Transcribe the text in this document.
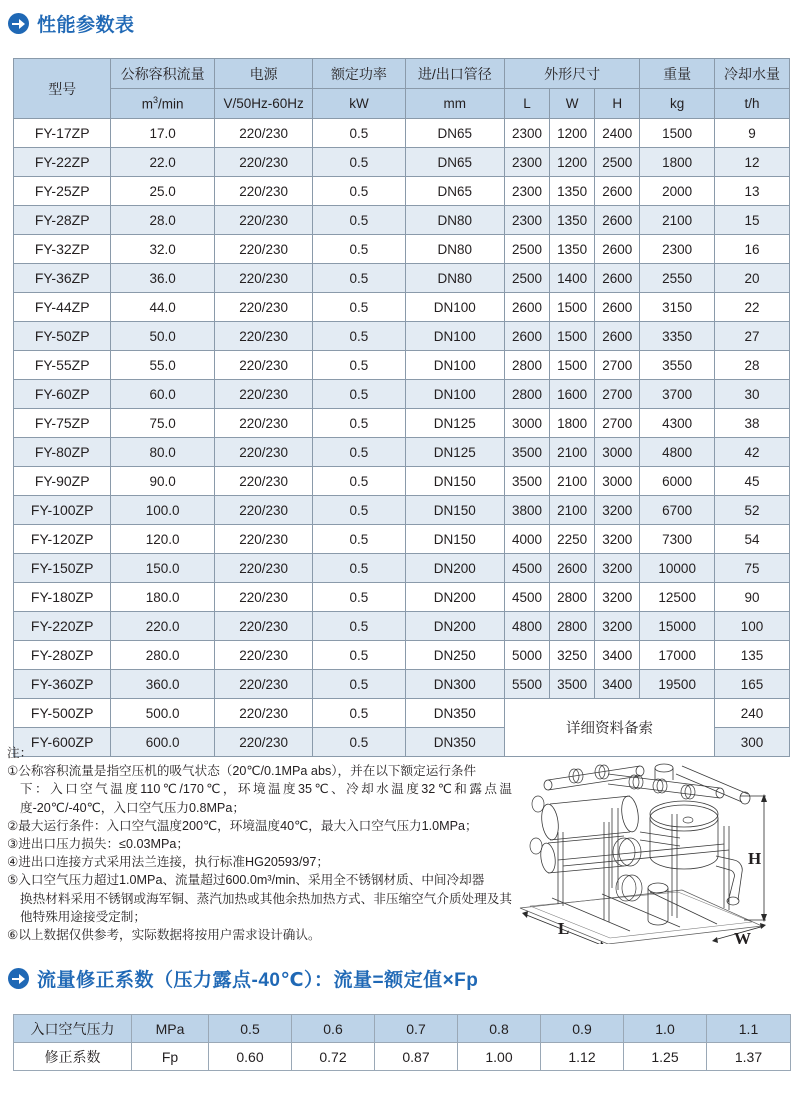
性能参数表
型号	公称容积流量	电源	额定功率	进/出口管径	外形尺寸			重量	冷却水量
	$m^3/\min$	V/50Hz-60Hz	kW	mm	L	W	H	kg	t/h
FY-17ZP	17.0	220/230	0.5	DN65	2300	1200	2400	1500	9
FY-22ZP	22.0	220/230	0.5	DN65	2300	1200	2500	1800	12
FY-25ZP	25.0	220/230	0.5	DN65	2300	1350	2600	2000	13
FY-28ZP	28.0	220/230	0.5	DN80	2300	1350	2600	2100	15
FY-32ZP	32.0	220/230	0.5	DN80	2500	1350	2600	2300	16
FY-36ZP	36.0	220/230	0.5	DN80	2500	1400	2600	2550	20
FY-44ZP	44.0	220/230	0.5	DN100	2600	1500	2600	3150	22
FY-50ZP	50.0	220/230	0.5	DN100	2600	1500	2600	3350	27
FY-55ZP	55.0	220/230	0.5	DN100	2800	1500	2700	3550	28
FY-60ZP	60.0	220/230	0.5	DN100	2800	1600	2700	3700	30
FY-75ZP	75.0	220/230	0.5	DN125	3000	1800	2700	4300	38
FY-80ZP	80.0	220/230	0.5	DN125	3500	2100	3000	4800	42
FY-90ZP	90.0	220/230	0.5	DN150	3500	2100	3000	6000	45
FY-100ZP	100.0	220/230	0.5	DN150	3800	2100	3200	6700	52
FY-120ZP	120.0	220/230	0.5	DN150	4000	2250	3200	7300	54
FY-150ZP	150.0	220/230	0.5	DN200	4500	2600	3200	10000	75
FY-180ZP	180.0	220/230	0.5	DN200	4500	2800	3200	12500	90
FY-220ZP	220.0	220/230	0.5	DN200	4800	2800	3200	15000	100
FY-280ZP	280.0	220/230	0.5	DN250	5000	3250	3400	17000	135
FY-360ZP	360.0	220/230	0.5	DN300	5500	3500	3400	19500	165
FY-500ZP	500.0	220/230	0.5	DN350	详细资料备索				240
FY-600ZP	600.0	220/230	0.5	DN350					300
注：
①公称容积流量是指空压机的吸气状态（20℃/0.1MPa abs），并在以下额定运行条件
下：入口空气温度110℃/170℃，环境温度35℃、冷却水温度32℃和露点温度-20℃/-40℃，入口空气压力0.8MPa；
②最大运行条件：入口空气温度200℃，环境温度40℃，最大入口空气压力1.0MPa；
③进出口压力损失：≤0.03MPa；
④进出口连接方式采用法兰连接，执行标准HG20593/97；
⑤入口空气压力超过1.0MPa、流量超过600.0m³/min、采用全不锈钢材质、中间冷却器
换热材料采用不锈钢或海军铜、蒸汽加热或其他余热加热方式、非压缩空气介质处理及其他特殊用途接受定制；
⑥以上数据仅供参考，实际数据将按用户需求设计确认。
H
L
W
流量修正系数（压力露点-40℃）：流量=额定值×Fp
入口空气压力	MPa	0.5	0.6	0.7	0.8	0.9	1.0	1.1
修正系数	Fp	0.60	0.72	0.87	1.00	1.12	1.25	1.37
